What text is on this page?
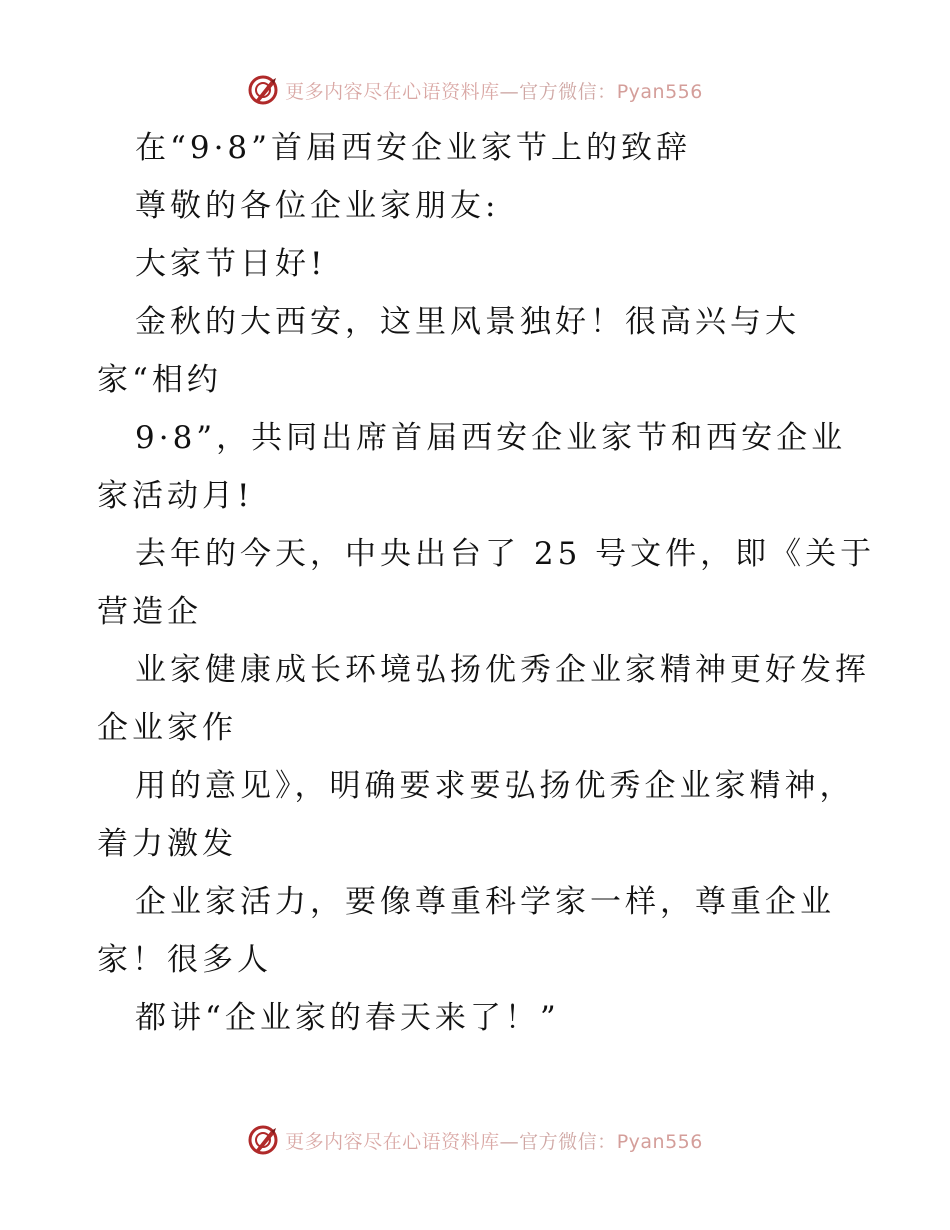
更多内容尽在心语资料库—官方微信：Pyan556
在“9·8”首届西安企业家节上的致辞
尊敬的各位企业家朋友:
大家节日好!
金秋的大西安，这里风景独好！很高兴与大
家“相约
9·8”，共同出席首届西安企业家节和西安企业
家活动月!
去年的今天，中央出台了 25 号文件，即《关于
营造企
业家健康成长环境弘扬优秀企业家精神更好发挥
企业家作
用的意见》，明确要求要弘扬优秀企业家精神，
着力激发
企业家活力，要像尊重科学家一样，尊重企业
家！很多人
都讲“企业家的春天来了！”
更多内容尽在心语资料库—官方微信：Pyan556
